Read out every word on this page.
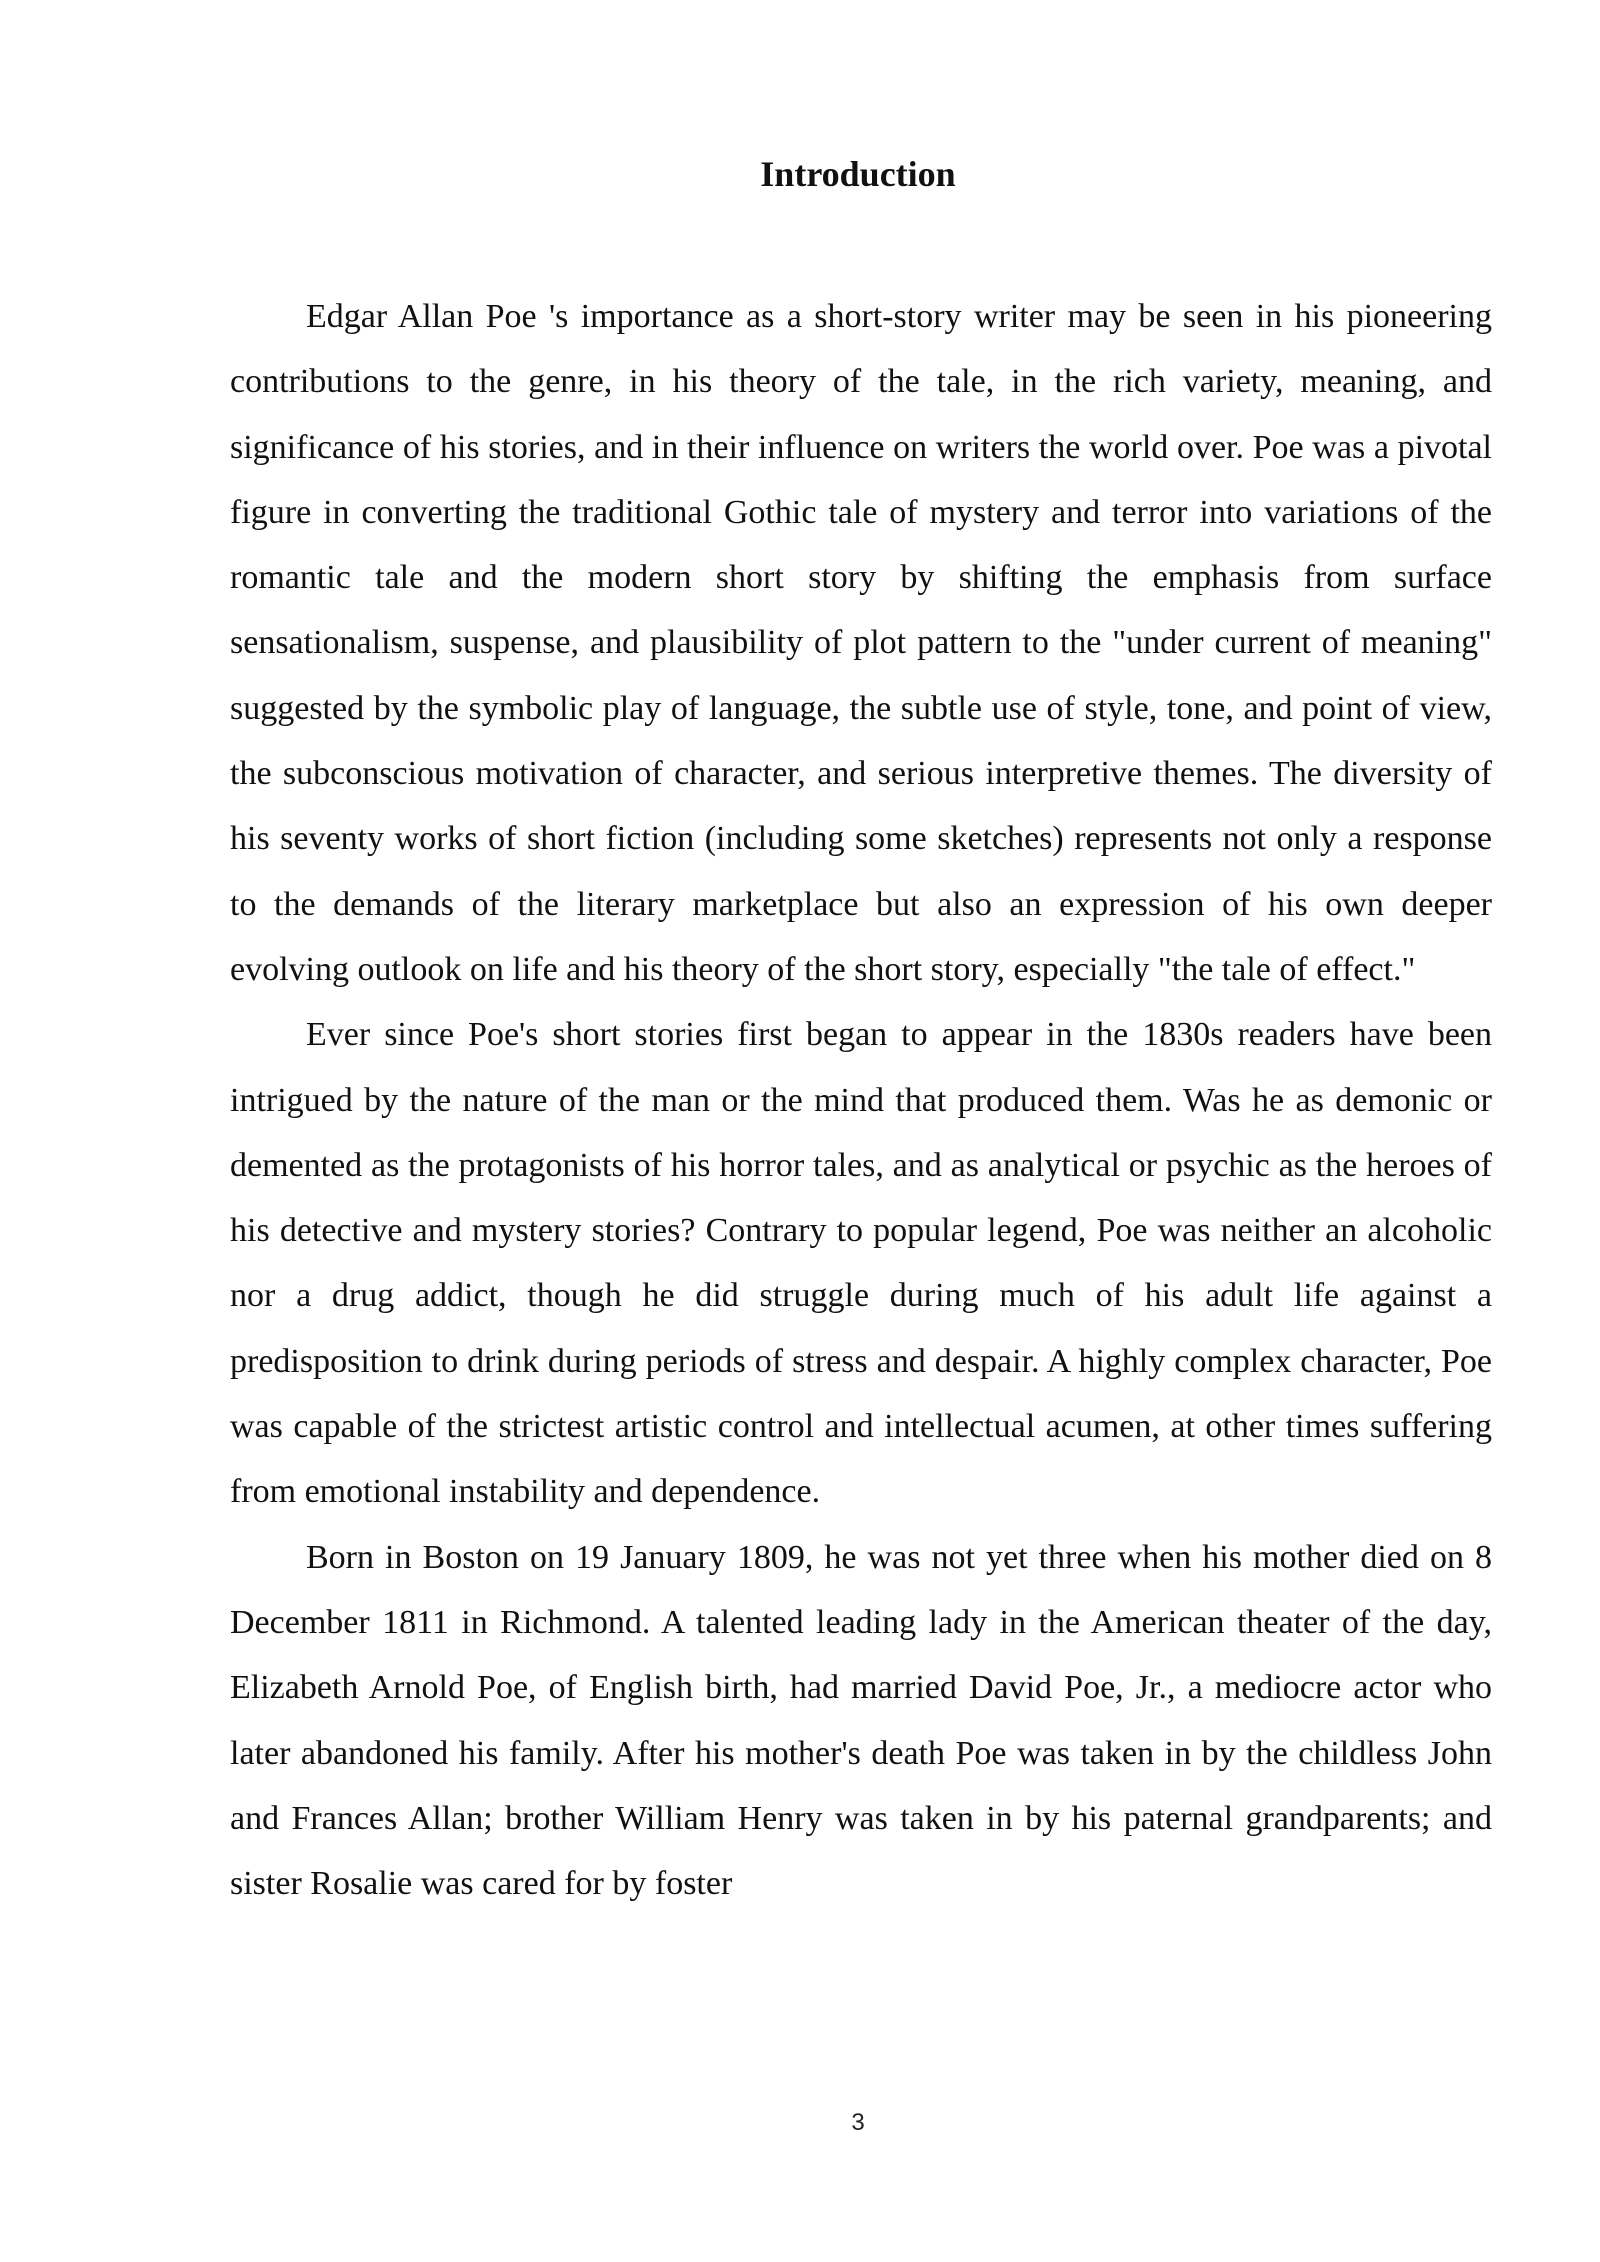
Introduction

Edgar Allan Poe 's importance as a short-story writer may be seen in his pioneering contributions to the genre, in his theory of the tale, in the rich variety, meaning, and significance of his stories, and in their influence on writers the world over. Poe was a pivotal figure in converting the traditional Gothic tale of mystery and terror into variations of the romantic tale and the modern short story by shifting the emphasis from surface sensationalism, suspense, and plausibility of plot pattern to the "under current of meaning" suggested by the symbolic play of language, the subtle use of style, tone, and point of view, the subconscious motivation of character, and serious interpretive themes. The diversity of his seventy works of short fiction (including some sketches) represents not only a response to the demands of the literary marketplace but also an expression of his own deeper evolving outlook on life and his theory of the short story, especially "the tale of effect."

Ever since Poe's short stories first began to appear in the 1830s readers have been intrigued by the nature of the man or the mind that produced them. Was he as demonic or demented as the protagonists of his horror tales, and as analytical or psychic as the heroes of his detective and mystery stories? Contrary to popular legend, Poe was neither an alcoholic nor a drug addict, though he did struggle during much of his adult life against a predisposition to drink during periods of stress and despair. A highly complex character, Poe was capable of the strictest artistic control and intellectual acumen, at other times suffering from emotional instability and dependence.

Born in Boston on 19 January 1809, he was not yet three when his mother died on 8 December 1811 in Richmond. A talented leading lady in the American theater of the day, Elizabeth Arnold Poe, of English birth, had married David Poe, Jr., a mediocre actor who later abandoned his family. After his mother's death Poe was taken in by the childless John and Frances Allan; brother William Henry was taken in by his paternal grandparents; and sister Rosalie was cared for by foster

3
